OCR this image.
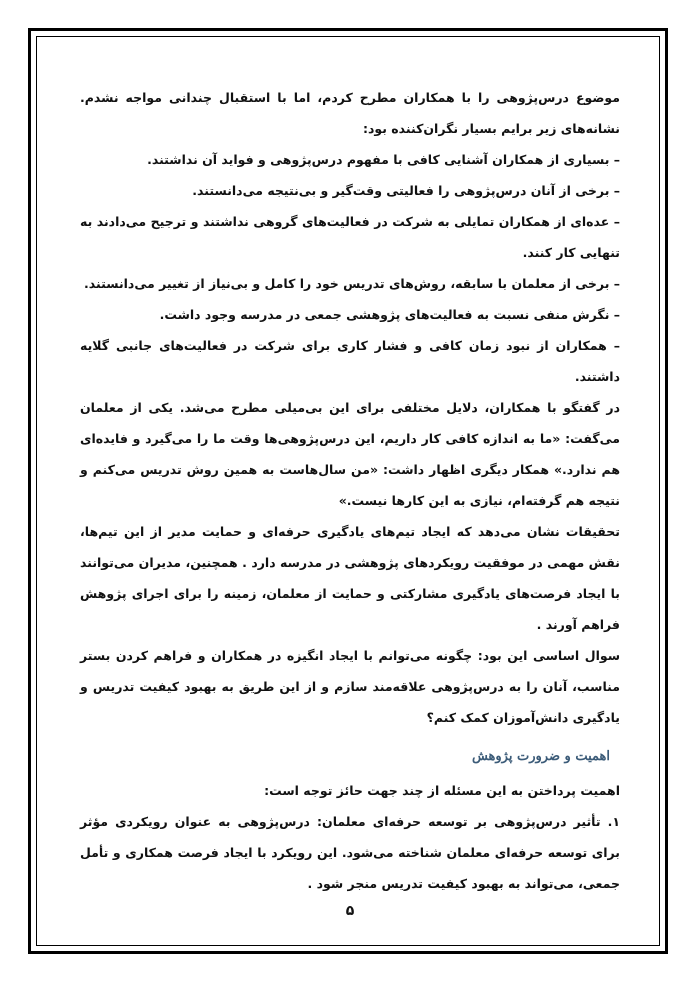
موضوع درس‌پژوهی را با همکاران مطرح کردم، اما با استقبال چندانی مواجه نشدم. نشانه‌های زیر برایم بسیار نگران‌کننده بود:

– بسیاری از همکاران آشنایی کافی با مفهوم درس‌پژوهی و فواید آن نداشتند.
– برخی از آنان درس‌پژوهی را فعالیتی وقت‌گیر و بی‌نتیجه می‌دانستند.
– عده‌ای از همکاران تمایلی به شرکت در فعالیت‌های گروهی نداشتند و ترجیح می‌دادند به تنهایی کار کنند.
– برخی از معلمان با سابقه، روش‌های تدریس خود را کامل و بی‌نیاز از تغییر می‌دانستند.
– نگرش منفی نسبت به فعالیت‌های پژوهشی جمعی در مدرسه وجود داشت.
– همکاران از نبود زمان کافی و فشار کاری برای شرکت در فعالیت‌های جانبی گلایه داشتند.

در گفتگو با همکاران، دلایل مختلفی برای این بی‌میلی مطرح می‌شد. یکی از معلمان می‌گفت: «ما به اندازه کافی کار داریم، این درس‌پژوهی‌ها وقت ما را می‌گیرد و فایده‌ای هم ندارد.» همکار دیگری اظهار داشت: «من سال‌هاست به همین روش تدریس می‌کنم و نتیجه هم گرفته‌ام، نیازی به این کارها نیست.»

تحقیقات نشان می‌دهد که ایجاد تیم‌های یادگیری حرفه‌ای و حمایت مدیر از این تیم‌ها، نقش مهمی در موفقیت رویکردهای پژوهشی در مدرسه دارد . همچنین، مدیران می‌توانند با ایجاد فرصت‌های یادگیری مشارکتی و حمایت از معلمان، زمینه را برای اجرای پژوهش فراهم آورند .

سوال اساسی این بود: چگونه می‌توانم با ایجاد انگیزه در همکاران و فراهم کردن بستر مناسب، آنان را به درس‌پژوهی علاقه‌مند سازم و از این طریق به بهبود کیفیت تدریس و یادگیری دانش‌آموزان کمک کنم؟

اهمیت و ضرورت پژوهش

اهمیت پرداختن به این مسئله از چند جهت حائز توجه است:

۱. تأثیر درس‌پژوهی بر توسعه حرفه‌ای معلمان: درس‌پژوهی به عنوان رویکردی مؤثر برای توسعه حرفه‌ای معلمان شناخته می‌شود. این رویکرد با ایجاد فرصت همکاری و تأمل جمعی، می‌تواند به بهبود کیفیت تدریس منجر شود .

۵
